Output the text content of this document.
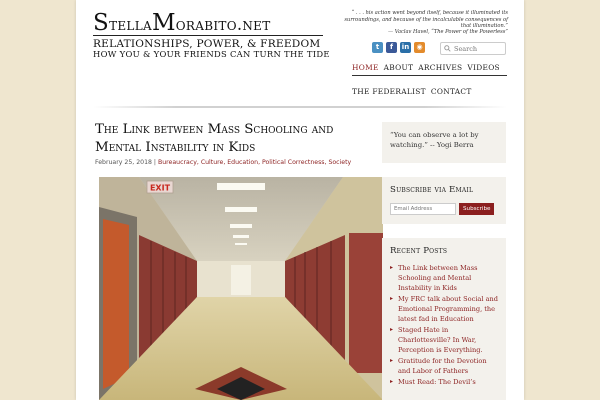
StellaMorabito.net
RELATIONSHIPS, POWER, & FREEDOM
HOW YOU & YOUR FRIENDS CAN TURN THE TIDE
“ . . . his action went beyond itself, because it illuminated its surroundings, and because of the incalculable consequences of that illumination.”
— Vaclav Havel, “The Power of the Powerless”
t	f	in	◉
Search
HOME ABOUT ARCHIVES VIDEOS
THE FEDERALIST CONTACT
The Link between Mass Schooling and Mental Instability in Kids
February 25, 2018 | Bureaucracy, Culture, Education, Political Correctness, Society
EXIT
“You can observe a lot by watching.” -- Yogi Berra
Subscribe via Email
Email Address
Subscribe
Recent Posts
▸ The Link between Mass Schooling and Mental Instability in Kids
▸ My FRC talk about Social and Emotional Programming, the latest fad in Education
▸ Staged Hate in Charlottesville? In War, Perception is Everything.
▸ Gratitude for the Devotion and Labor of Fathers
▸ Must Read: The Devil’s
